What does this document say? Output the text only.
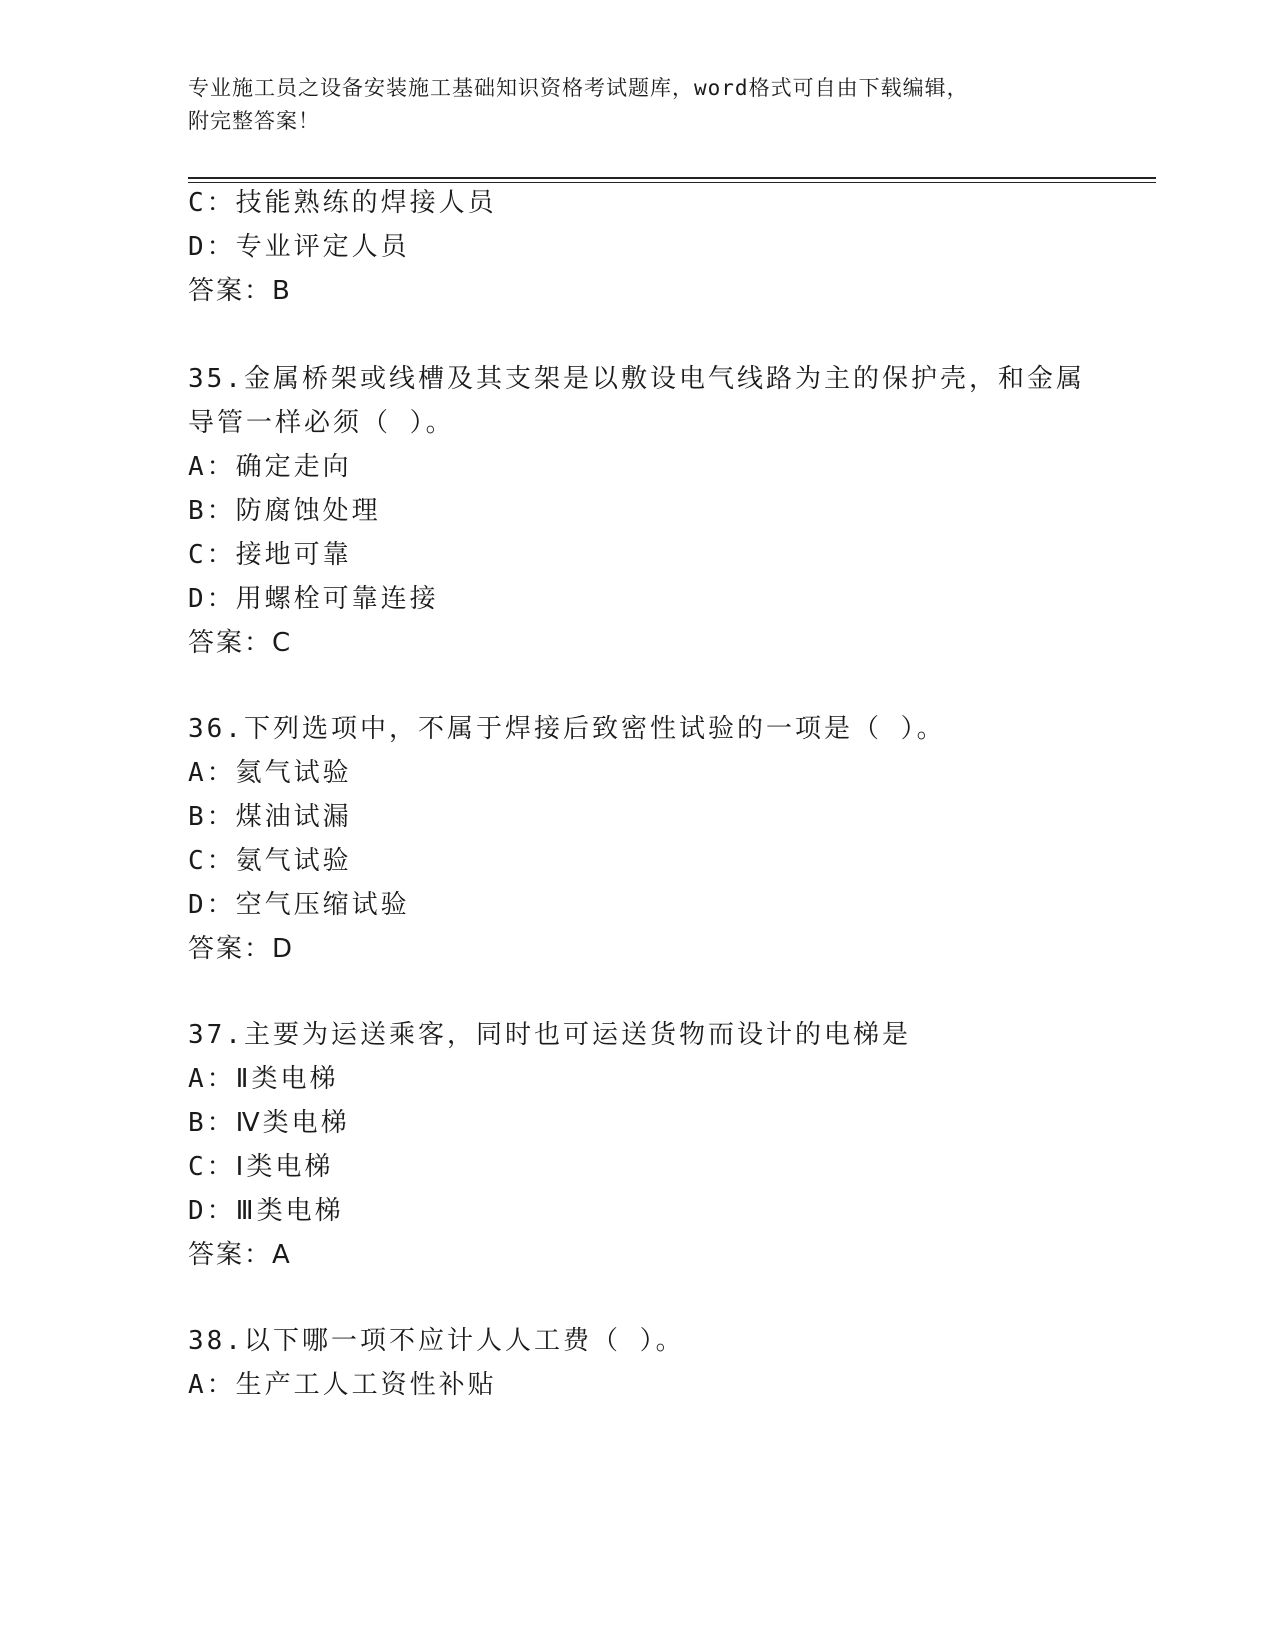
专业施工员之设备安装施工基础知识资格考试题库，word格式可自由下载编辑，
附完整答案！
C：技能熟练的焊接人员
D：专业评定人员
答案：B
35.金属桥架或线槽及其支架是以敷设电气线路为主的保护壳，和金属
导管一样必须（ ）。
A：确定走向
B：防腐蚀处理
C：接地可靠
D：用螺栓可靠连接
答案：C
36.下列选项中，不属于焊接后致密性试验的一项是（ ）。
A：氦气试验
B：煤油试漏
C：氨气试验
D：空气压缩试验
答案：D
37.主要为运送乘客，同时也可运送货物而设计的电梯是
A：Ⅱ类电梯
B：Ⅳ类电梯
C：Ⅰ类电梯
D：Ⅲ类电梯
答案：A
38.以下哪一项不应计人人工费（ ）。
A：生产工人工资性补贴
